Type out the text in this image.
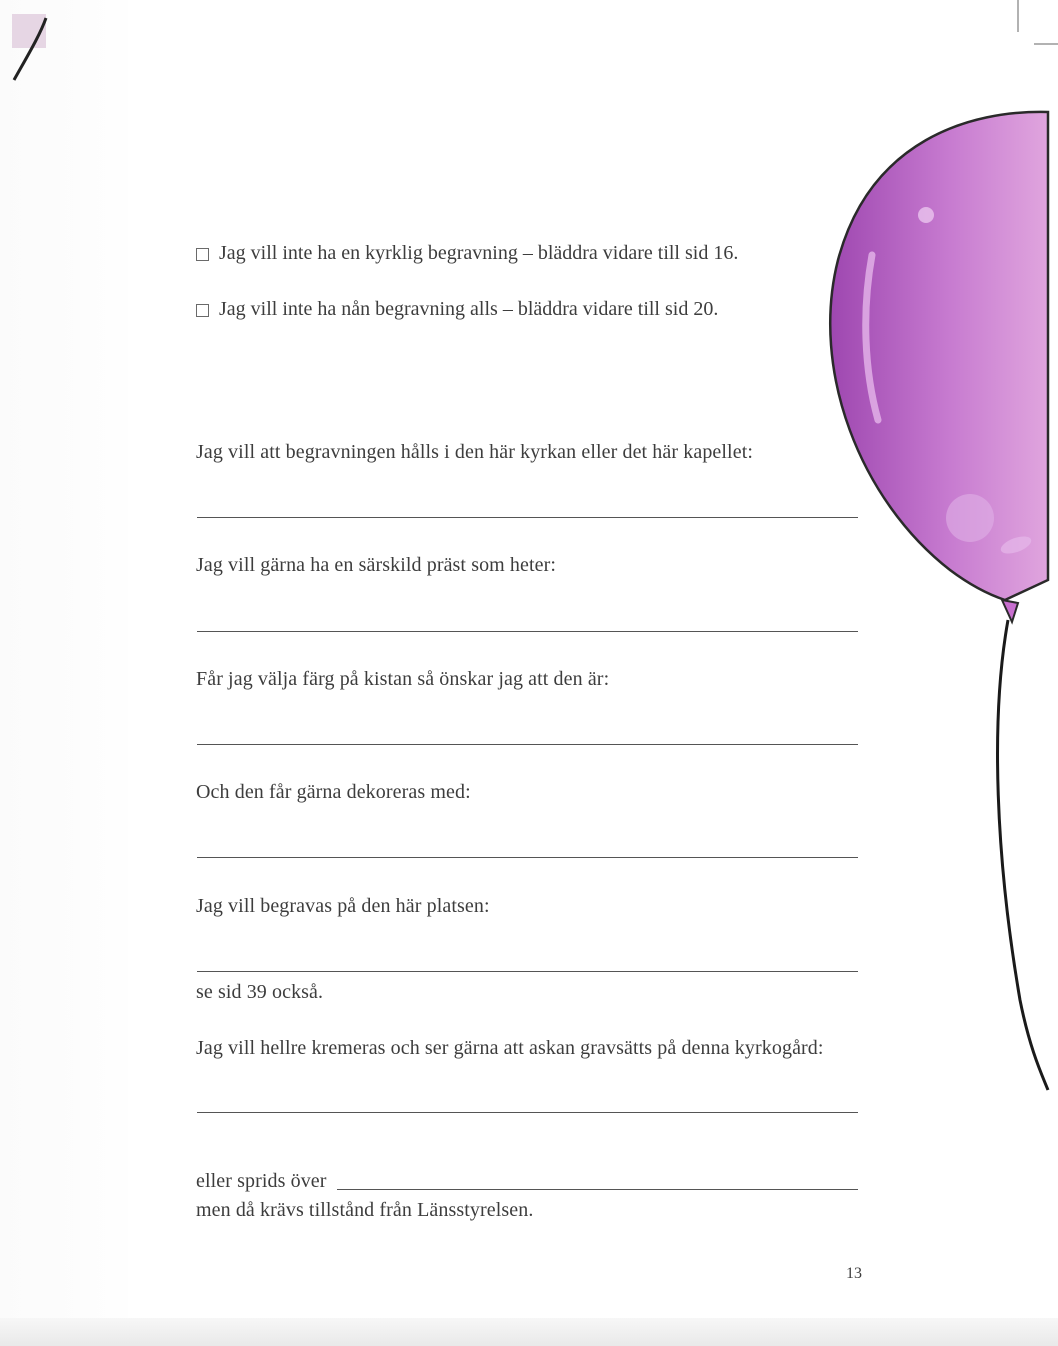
Jag vill inte ha en kyrklig begravning – bläddra vidare till sid 16.
Jag vill inte ha nån begravning alls – bläddra vidare till sid 20.
Jag vill att begravningen hålls i den här kyrkan eller det här kapellet:
Jag vill gärna ha en särskild präst som heter:
Får jag välja färg på kistan så önskar jag att den är:
Och den får gärna dekoreras med:
Jag vill begravas på den här platsen:
se sid 39 också.
Jag vill hellre kremeras och ser gärna att askan gravsätts på denna kyrkogård:
eller sprids över
men då krävs tillstånd från Länsstyrelsen.
13
